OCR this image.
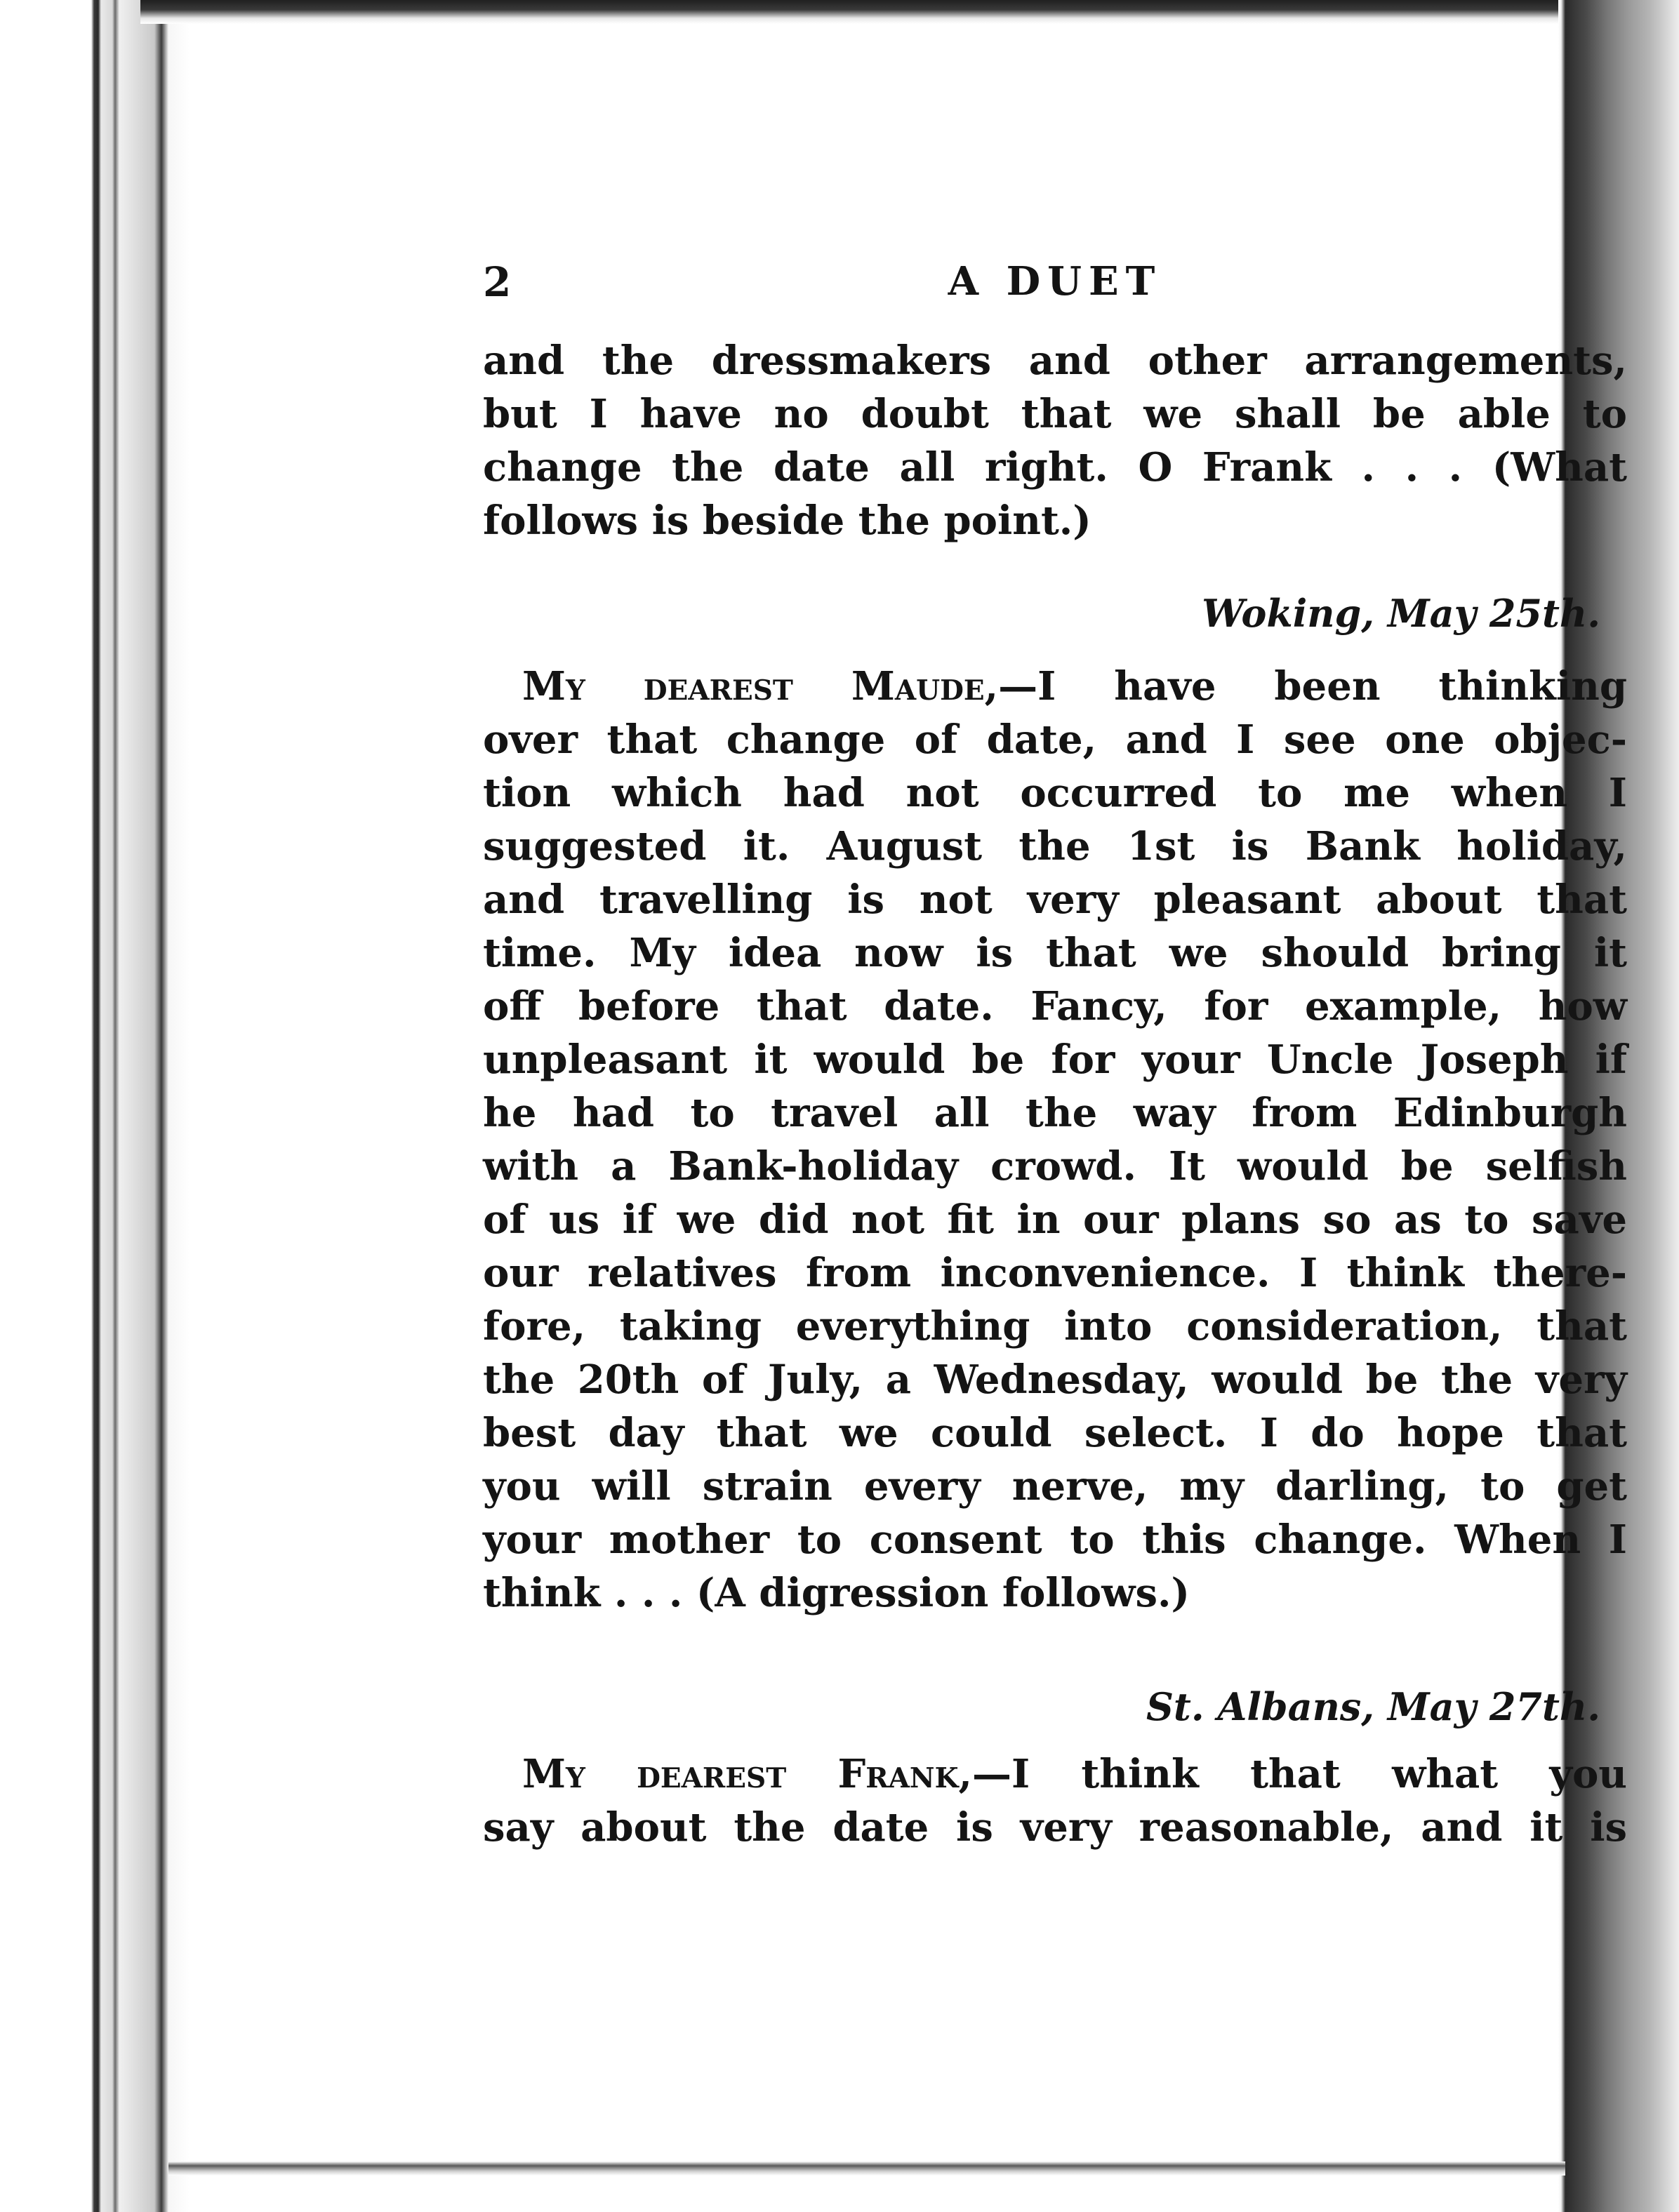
2	A DUET
and the dressmakers and other arrangements,
but I have no doubt that we shall be able to
change the date all right. O Frank . . . (What
follows is beside the point.)
Woking, May 25th.
My dearest Maude,—I have been thinking
over that change of date, and I see one objec-
tion which had not occurred to me when I
suggested it. August the 1st is Bank holiday,
and travelling is not very pleasant about that
time. My idea now is that we should bring it
off before that date. Fancy, for example, how
unpleasant it would be for your Uncle Joseph if
he had to travel all the way from Edinburgh
with a Bank-holiday crowd. It would be selfish
of us if we did not fit in our plans so as to save
our relatives from inconvenience. I think there-
fore, taking everything into consideration, that
the 20th of July, a Wednesday, would be the very
best day that we could select. I do hope that
you will strain every nerve, my darling, to get
your mother to consent to this change. When I
think . . . (A digression follows.)
St. Albans, May 27th.
My dearest Frank,—I think that what you
say about the date is very reasonable, and it is
